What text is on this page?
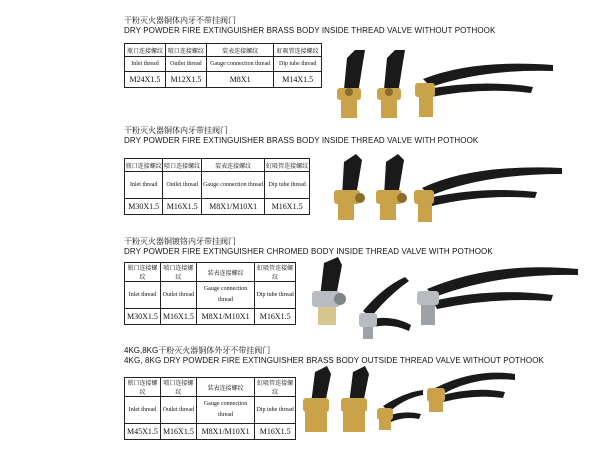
干粉灭火器铜体内牙不带挂阀门
DRY POWDER FIRE EXTINGUISHER BRASS BODY INSIDE THREAD VALVE WITHOUT POTHOOK
瓶口连接螺纹	喷口连接螺纹	装表连接螺纹	虹吸管连接螺纹
Inlet thread	Outlet thread	Gauge connection thread	Dip tube thread
M24X1.5	M12X1.5	M8X1	M14X1.5
干粉灭火器铜体内牙带挂阀门
DRY POWDER FIRE EXTINGUISHER BRASS BODY INSIDE THREAD VALVE WITH POTHOOK
瓶口连接螺纹	喷口连接螺纹	装表连接螺纹	虹吸管连接螺纹
Inlet thread	Outlet thread	Gauge connection thread	Dip tube thread
M30X1.5	M16X1.5	M8X1/M10X1	M16X1.5
干粉灭火器铜镀铬内牙带挂阀门
DRY POWDER FIRE EXTINGUISHER CHROMED BODY INSIDE THREAD VALVE WITH POTHOOK
瓶口连接螺纹	喷口连接螺纹	装表连接螺纹	虹吸管连接螺纹
Inlet thread	Outlet thread	Gauge connection thread	Dip tube thread
M30X1.5	M16X1.5	M8X1/M10X1	M16X1.5
4KG,8KG干粉灭火器铜体外牙不带挂阀门
4KG, 8KG DRY POWDER FIRE EXTINGUISHER BRASS BODY OUTSIDE THREAD VALVE WITHOUT POTHOOK
瓶口连接螺纹	喷口连接螺纹	装表连接螺纹	虹吸管连接螺纹
Inlet thread	Outlet thread	Gauge connection thread	Dip tube thread
M45X1.5	M16X1.5	M8X1/M10X1	M16X1.5
